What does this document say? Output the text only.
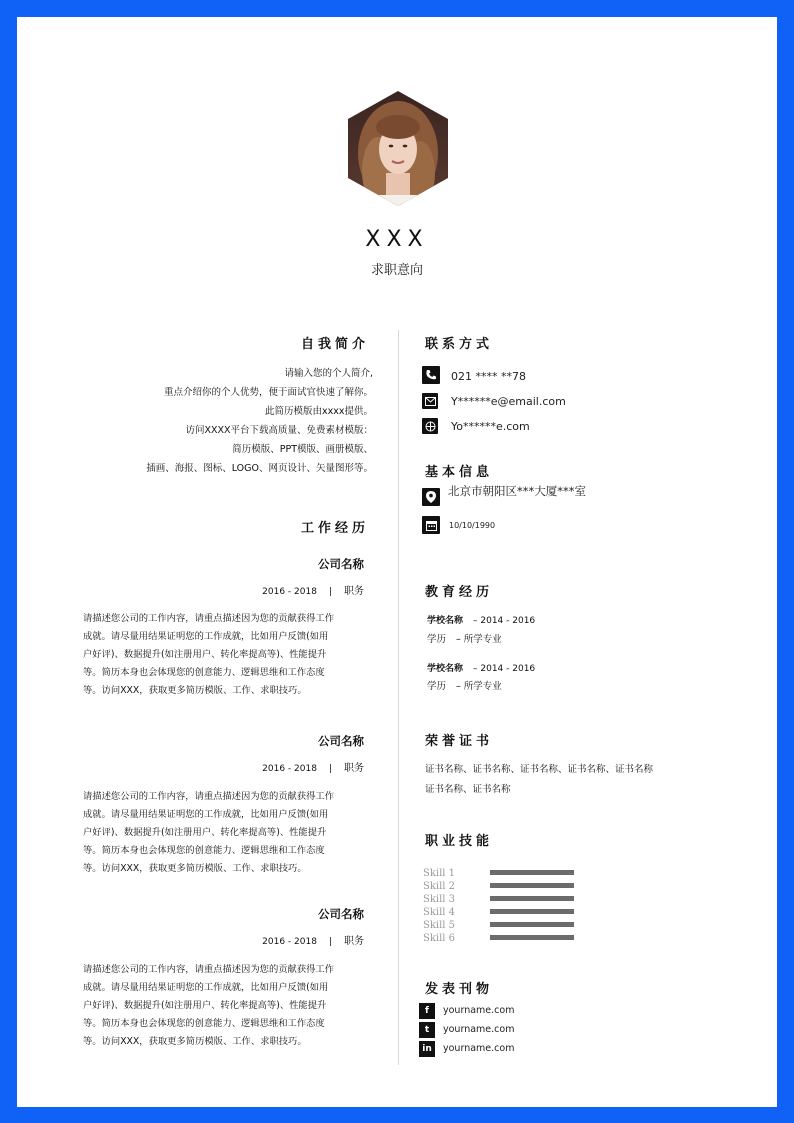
XXX
求职意向
自我简介
请输入您的个人简介,
重点介绍你的个人优势，便于面试官快速了解你。
此简历模版由xxxx提供。
访问XXXX平台下载高质量、免费素材模版：
简历模版、PPT模版、画册模版、
插画、海报、图标、LOGO、网页设计、矢量图形等。
工作经历
公司名称
2016 - 2018 | 职务
请描述您公司的工作内容，请重点描述因为您的贡献获得工作
成就。请尽量用结果证明您的工作成就，比如用户反馈(如用
户好评)、数据提升(如注册用户、转化率提高等)、性能提升
等。简历本身也会体现您的创意能力、逻辑思维和工作态度
等。访问XXX，获取更多简历模版、工作、求职技巧。
公司名称
2016 - 2018 | 职务
请描述您公司的工作内容，请重点描述因为您的贡献获得工作
成就。请尽量用结果证明您的工作成就，比如用户反馈(如用
户好评)、数据提升(如注册用户、转化率提高等)、性能提升
等。简历本身也会体现您的创意能力、逻辑思维和工作态度
等。访问XXX，获取更多简历模版、工作、求职技巧。
公司名称
2016 - 2018 | 职务
请描述您公司的工作内容，请重点描述因为您的贡献获得工作
成就。请尽量用结果证明您的工作成就，比如用户反馈(如用
户好评)、数据提升(如注册用户、转化率提高等)、性能提升
等。简历本身也会体现您的创意能力、逻辑思维和工作态度
等。访问XXX，获取更多简历模版、工作、求职技巧。
联系方式
021 **** **78
Y******e@email.com
Yo******e.com
基本信息
北京市朝阳区***大厦***室
10/10/1990
教育经历
学校名称 – 2014 - 2016
学历 – 所学专业
学校名称 – 2014 - 2016
学历 – 所学专业
荣誉证书
证书名称、证书名称、证书名称、证书名称、证书名称
证书名称、证书名称
职业技能
Skill 1
Skill 2
Skill 3
Skill 4
Skill 5
Skill 6
发表刊物
f	yourname.com
t	yourname.com
in	yourname.com
